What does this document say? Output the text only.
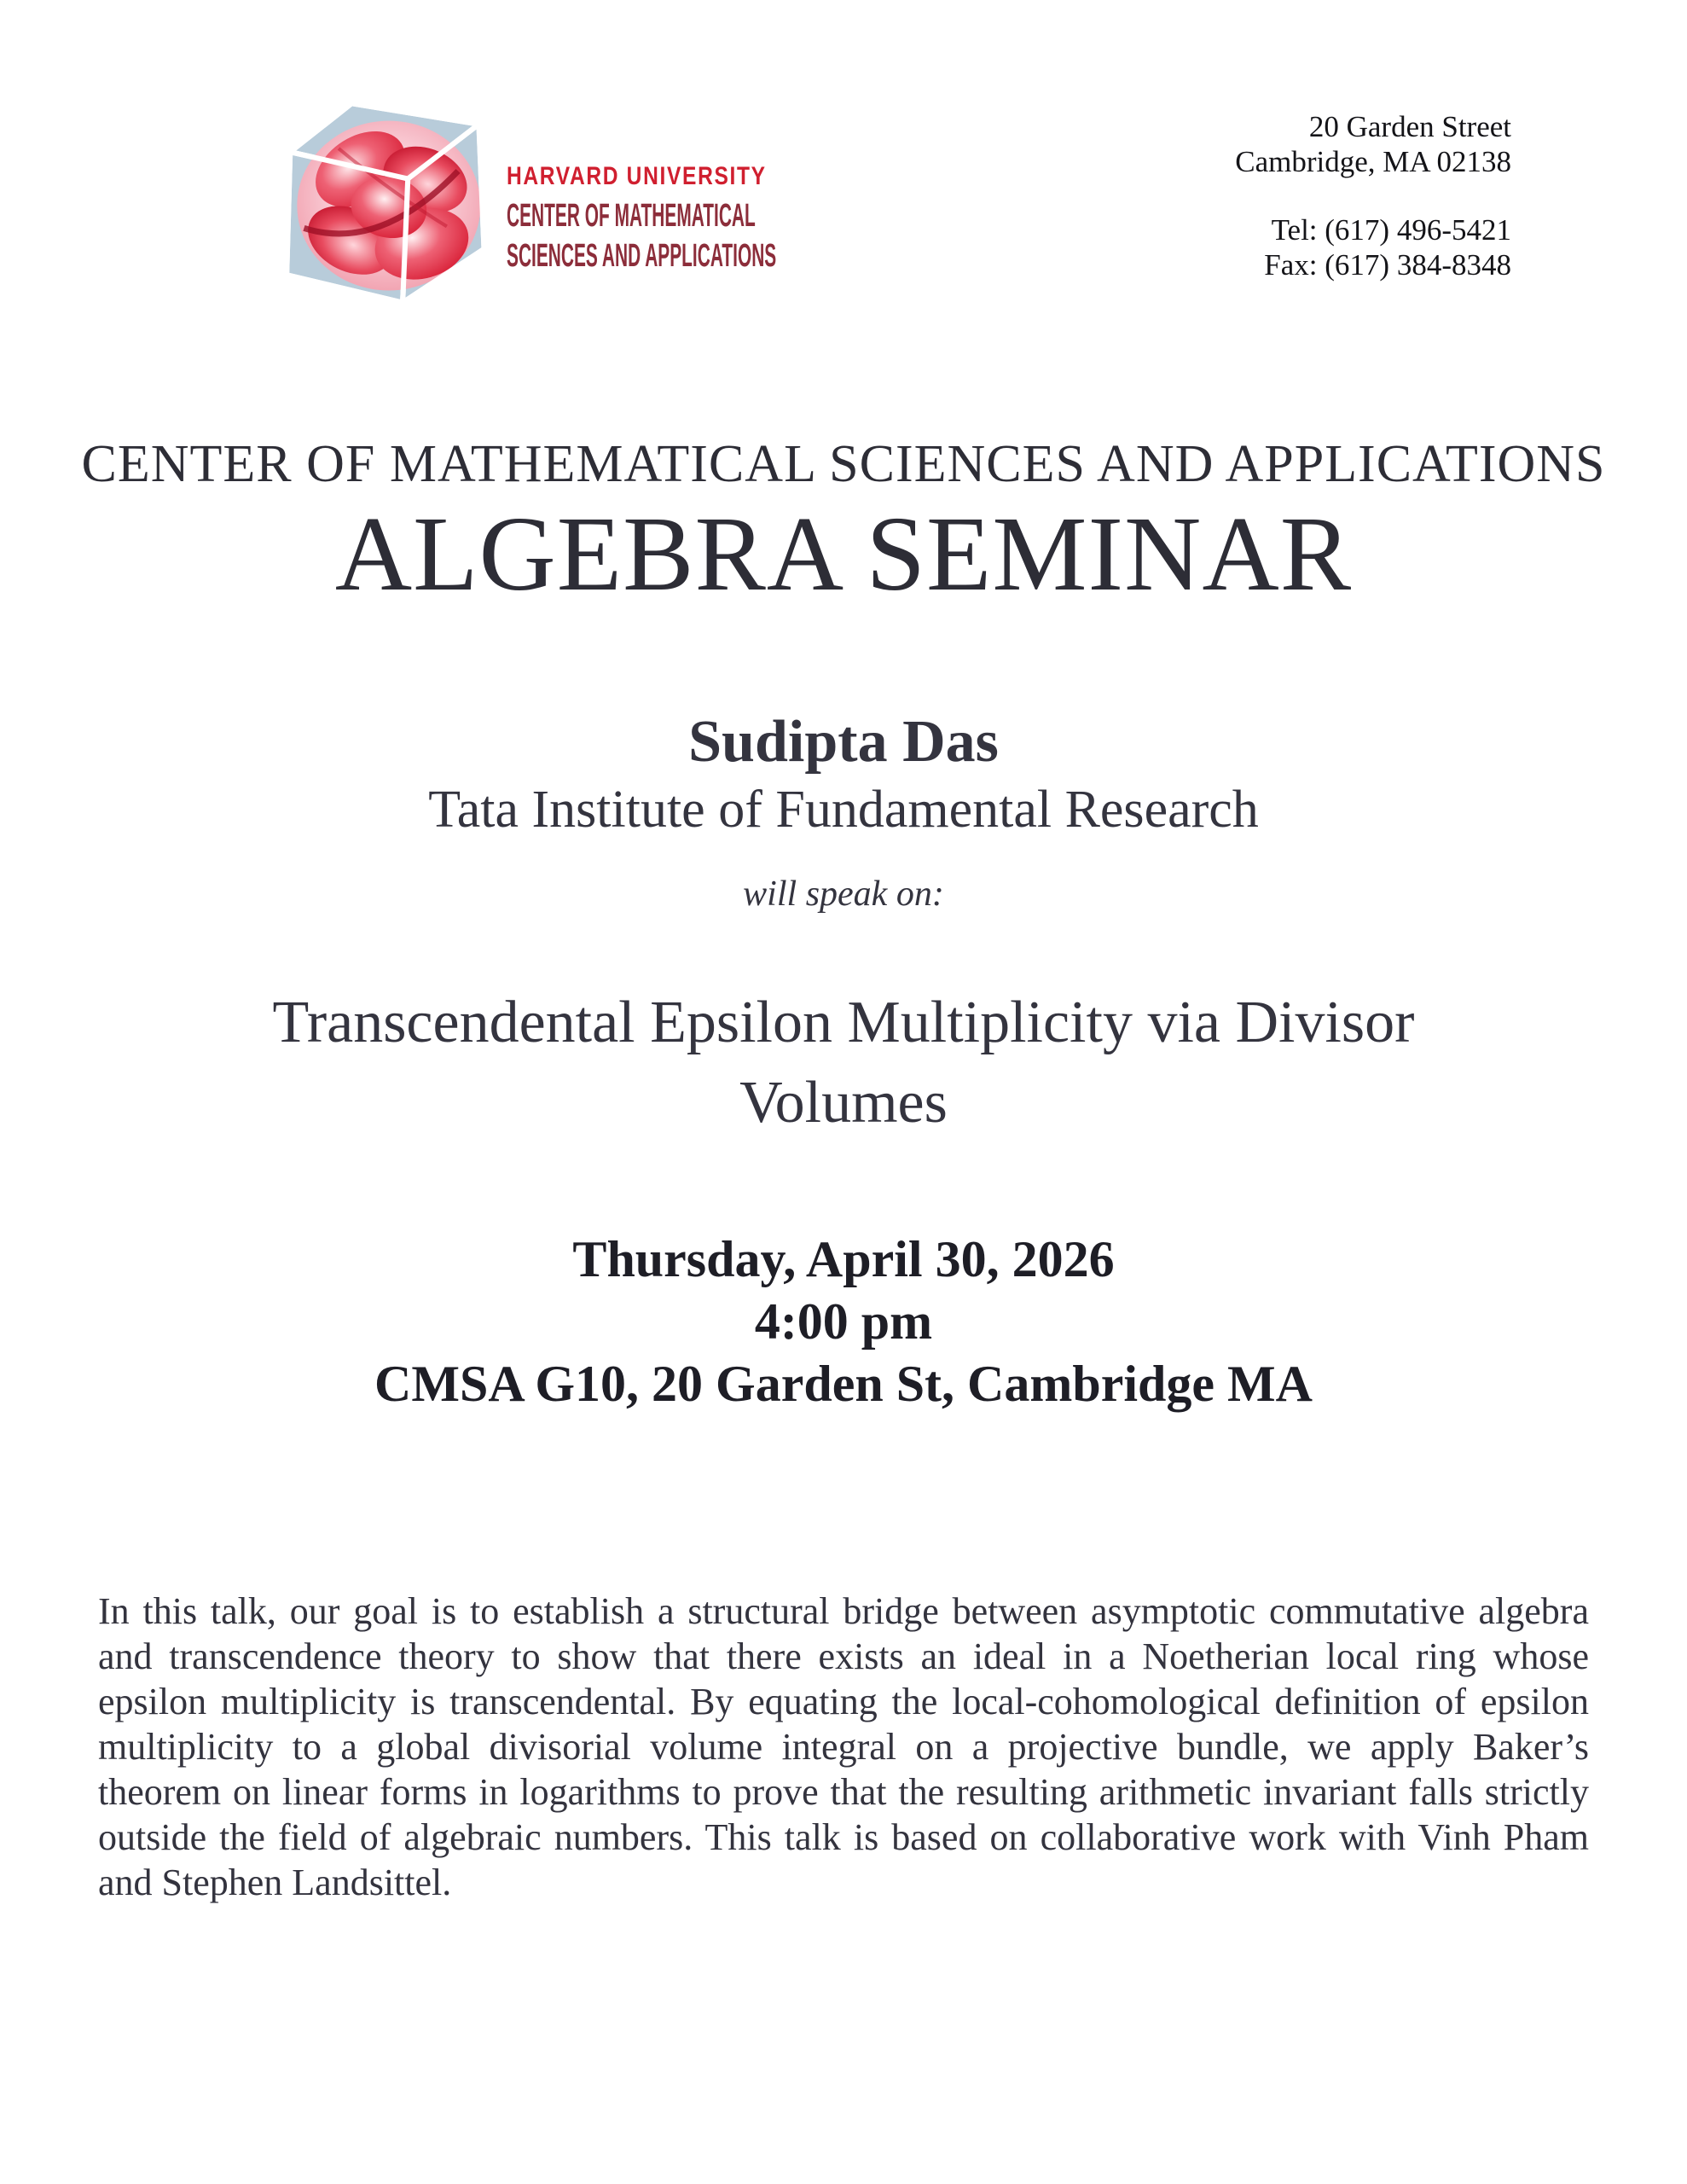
HARVARD UNIVERSITY
CENTER OF MATHEMATICAL
SCIENCES AND APPLICATIONS
20 Garden Street
Cambridge, MA 02138
Tel: (617) 496-5421
Fax: (617) 384-8348
CENTER OF MATHEMATICAL SCIENCES AND APPLICATIONS
ALGEBRA SEMINAR
Sudipta Das
Tata Institute of Fundamental Research
will speak on:
Transcendental Epsilon Multiplicity via Divisor
Volumes
Thursday, April 30, 2026
4:00 pm
CMSA G10, 20 Garden St, Cambridge MA

In this talk, our goal is to establish a structural bridge between asymptotic commutative algebra and transcendence theory to show that there exists an ideal in a Noetherian local ring whose epsilon multiplicity is transcendental. By equating the local-cohomological definition of epsilon multiplicity to a global divisorial volume integral on a projective bundle, we apply Baker’s theorem on linear forms in logarithms to prove that the resulting arithmetic invariant falls strictly outside the field of algebraic numbers. This talk is based on collaborative work with Vinh Pham and Stephen Landsittel.
